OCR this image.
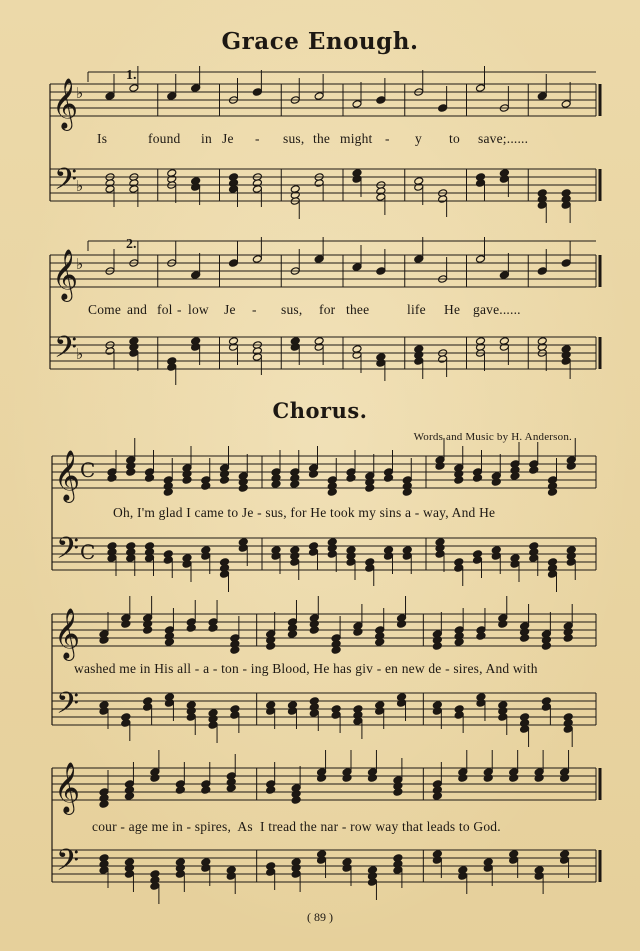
𝄞
𝄢
♭
♭
𝄞
𝄢
♭
♭
1.
2.
𝄞
𝄢
C
C
𝄞
𝄢
𝄞
𝄢
Grace Enough.
Is	found in Je - sus, the might - y to save;......
Come and fol - low Je - sus, for thee	life He gave......
Chorus.
Words and Music by H. Anderson.
Oh, I'm glad I came to Je - sus, for He took my sins a - way, And He
washed me in His all - a - ton - ing Blood, He has giv - en new de - sires, And with
cour - age me in - spires,  As  I tread the nar - row way that leads to God.
( 89 )
